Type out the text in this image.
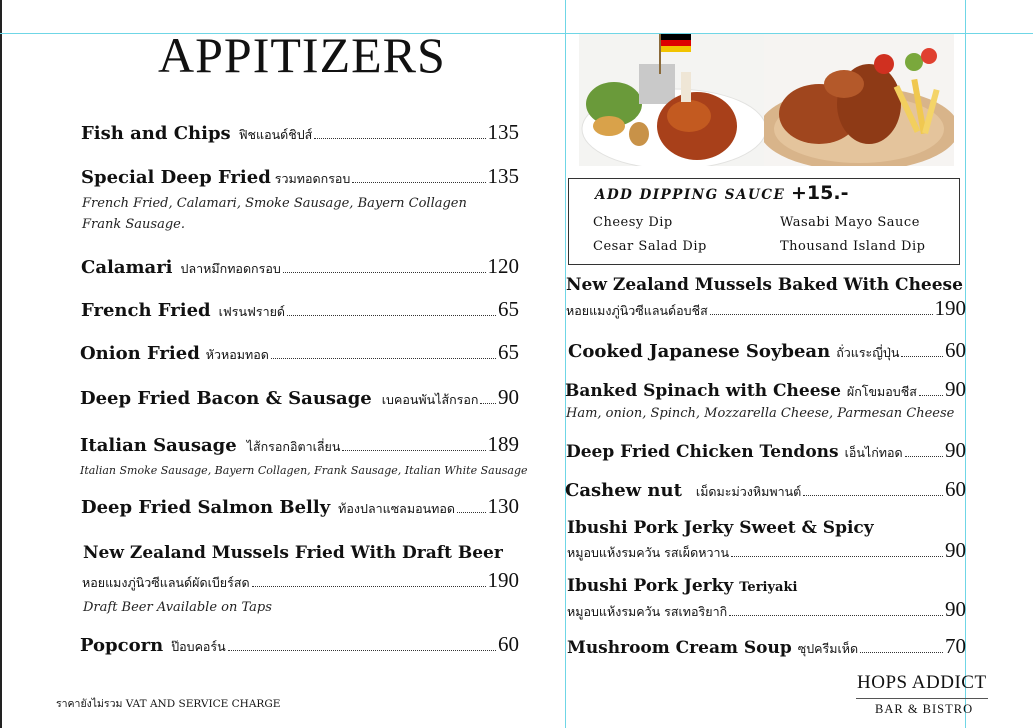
APPITIZERS
Fish and Chips ฟิชแอนด์ชิปส์	135
Special Deep Fried รวมทอดกรอบ	135
French Fried, Calamari, Smoke Sausage, Bayern Collagen Frank Sausage.
Calamari ปลาหมึกทอดกรอบ	120
French Fried เฟรนฟรายด์	65
Onion Fried หัวหอมทอด	65
Deep Fried Bacon & Sausage เบคอนพันไส้กรอก 90
Italian Sausage ไส้กรอกอิตาเลี่ยน	189
Italian Smoke Sausage, Bayern Collagen, Frank Sausage, Italian White Sausage
Deep Fried Salmon Belly ท้องปลาแซลมอนทอด 130
New Zealand Mussels Fried With Draft Beer
หอยแมงภู่นิวซีแลนด์ผัดเบียร์สด	190
Draft Beer Available on Taps
Popcorn ป๊อบคอร์น	60
ADD DIPPING SAUCE +15.-
Cheesy Dip	Wasabi Mayo Sauce
Cesar Salad Dip	Thousand Island Dip
New Zealand Mussels Baked With Cheese
หอยแมงภู่นิวซีแลนด์อบชีส	190
Cooked Japanese Soybean ถั่วแระญี่ปุ่น 60
Banked Spinach with Cheese ผักโขมอบชีส 90
Ham, onion, Spinch, Mozzarella Cheese, Parmesan Cheese
Deep Fried Chicken Tendons เอ็นไก่ทอด 90
Cashew nut เม็ดมะม่วงหิมพานต์	60
Ibushi Pork Jerky Sweet & Spicy
หมูอบแห้งรมควัน รสเผ็ดหวาน	90
Ibushi Pork Jerky Teriyaki
หมูอบแห้งรมควัน รสเทอริยากิ	90
Mushroom Cream Soup ซุปครีมเห็ด	70
ราคายังไม่รวม VAT AND SERVICE CHARGE
HOPS ADDICT
BAR & BISTRO
